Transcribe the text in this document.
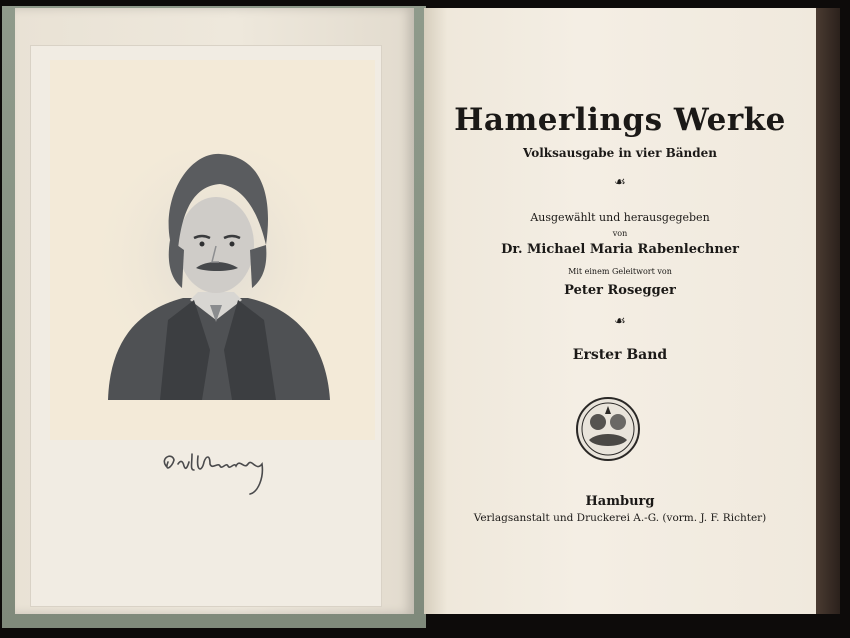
Hamerlings Werke

Volksausgabe in vier Bänden

☙

Ausgewählt und herausgegeben

von

Dr. Michael Maria Rabenlechner

Mit einem Geleitwort von

Peter Rosegger

☙

Erster Band

Hamburg

Verlagsanstalt und Druckerei A.-G. (vorm. J. F. Richter)
